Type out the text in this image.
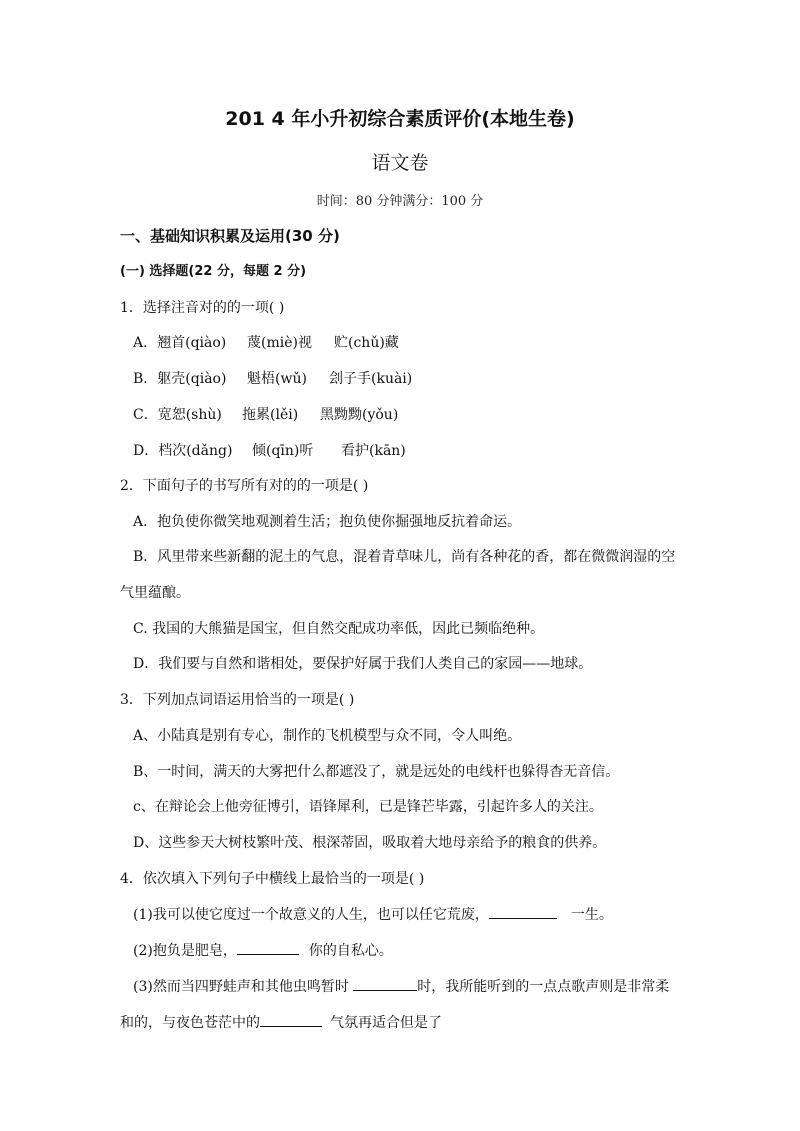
201 4 年小升初综合素质评价(本地生卷)
语文卷
时间：80 分钟满分：100 分
一、基础知识积累及运用(30 分)
(一) 选择题(22 分，每题 2 分)
1．选择注音对的的一项( )
A．翘首(qiào) 蔑(miè)视 贮(chǔ)藏
B．躯壳(qiào) 魁梧(wǔ) 刽子手(kuài)
C．宽恕(shù) 拖累(lěi) 黑黝黝(yǒu)
D．档次(dǎng) 倾(qīn)听 看护(kān)
2．下面句子的书写所有对的的一项是( )
A．抱负使你微笑地观测着生活；抱负使你掘强地反抗着命运。
B．风里带来些新翻的泥土的气息，混着青草味儿，尚有各种花的香，都在微微润湿的空
气里蕴酿。
C. 我国的大熊猫是国宝，但自然交配成功率低，因此已频临绝种。
D．我们要与自然和谐相处，要保护好属于我们人类自己的家园——地球。
3．下列加点词语运用恰当的一项是( )
A、小陆真是别有专心，制作的飞机模型与众不同，令人叫绝。
B、一时间，满天的大雾把什么都遮没了，就是远处的电线杆也躲得杳无音信。
c、在辩论会上他旁征博引，语锋犀利，已是锋芒毕露，引起许多人的关注。
D、这些参天大树枝繁叶茂、根深蒂固，吸取着大地母亲给予的粮食的供养。
4．依次填入下列句子中横线上最恰当的一项是( )
(1)我可以使它度过一个故意义的人生，也可以任它荒废，	一生。
(2)抱负是肥皂，	你的自私心。
(3)然而当四野蛙声和其他虫鸣暂时	时，我所能听到的一点点歌声则是非常柔
和的，与夜色苍茫中的	气氛再适合但是了
